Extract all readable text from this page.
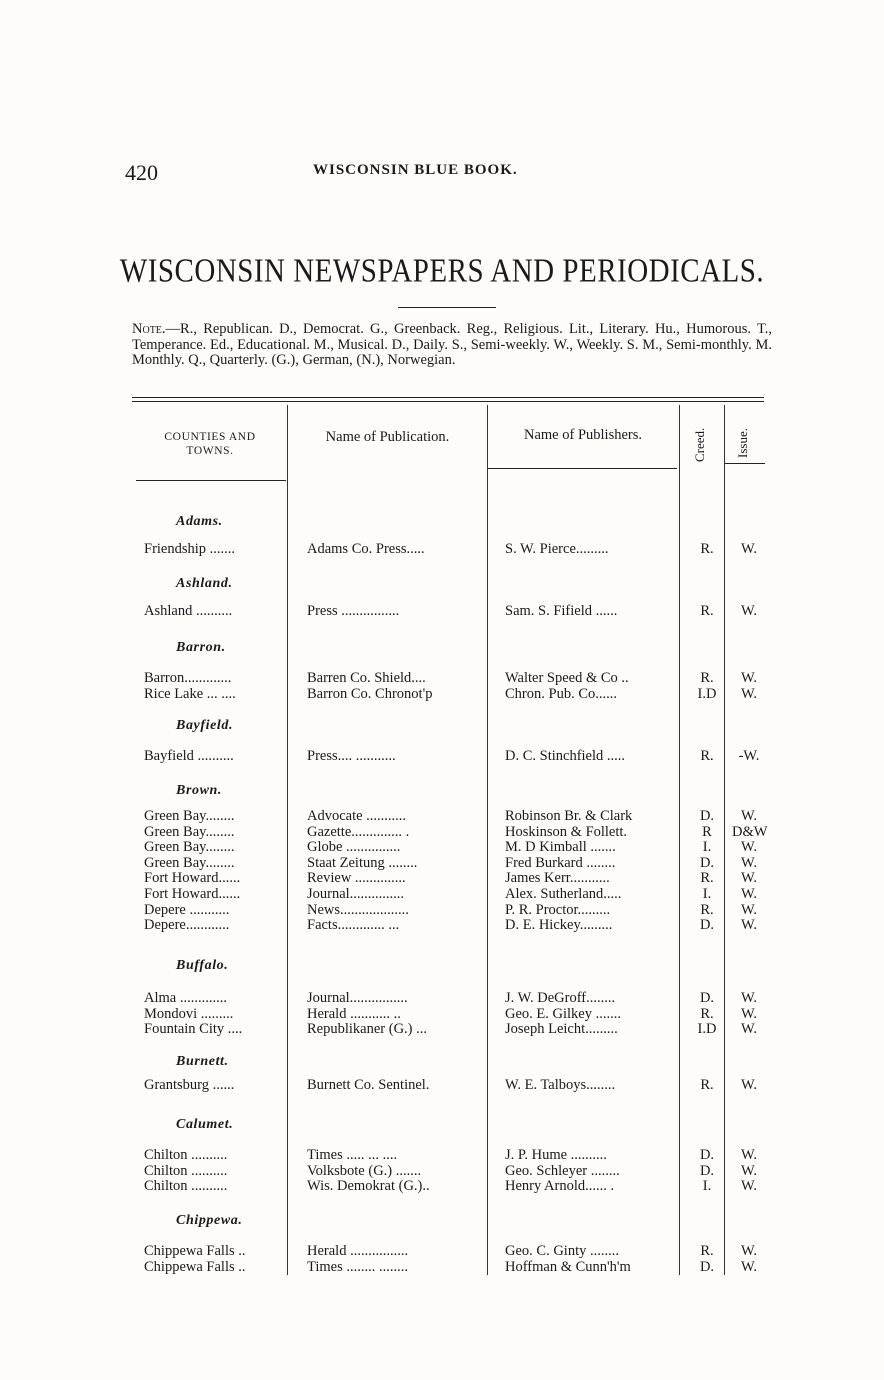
420	WISCONSIN BLUE BOOK.
WISCONSIN NEWSPAPERS AND PERIODICALS.
Note.—R., Republican. D., Democrat. G., Greenback. Reg., Religious. Lit., Literary. Hu., Humorous. T., Temperance. Ed., Educational. M., Musical. D., Daily. S., Semi-weekly. W., Weekly. S. M., Semi-monthly. M. Monthly. Q., Quarterly. (G.), German, (N.), Norwegian.
COUNTIES AND
TOWNS.
Name of Publication.	Name of Publishers.	Creed. Issue.
Adams.
Friendship .......	Adams Co. Press.....	S. W. Pierce.........	R.	W.
Ashland.
Ashland ..........	Press ................	Sam. S. Fifield ......	R.	W.
Barron.
Barron.............	Barren Co. Shield....	Walter Speed & Co ..	R.	W.
Rice Lake ... ....	Barron Co. Chronot'p	Chron. Pub. Co......	I.D	W.
Bayfield.
Bayfield ..........	Press.... ...........	D. C. Stinchfield .....	R.	-W.
Brown.
Green Bay........	Advocate ...........	Robinson Br. & Clark	D.	W.
Green Bay........	Gazette.............. .	Hoskinson & Follett.	R	D&W
Green Bay........	Globe ...............	M. D Kimball .......	I.	W.
Green Bay........	Staat Zeitung ........	Fred Burkard ........	D.	W.
Fort Howard......	Review ..............	James Kerr...........	R.	W.
Fort Howard......	Journal...............	Alex. Sutherland.....	I.	W.
Depere ...........	News...................	P. R. Proctor.........	R.	W.
Depere............	Facts............. ...	D. E. Hickey.........	D.	W.
Buffalo.
Alma .............	Journal................	J. W. DeGroff........	D.	W.
Mondovi .........	Herald ........... ..	Geo. E. Gilkey .......	R.	W.
Fountain City ....	Republikaner (G.) ...	Joseph Leicht.........	I.D	W.
Burnett.
Grantsburg ......	Burnett Co. Sentinel.	W. E. Talboys........	R.	W.
Calumet.
Chilton ..........	Times ..... ... ....	J. P. Hume ..........	D.	W.
Chilton ..........	Volksbote (G.) .......	Geo. Schleyer ........	D.	W.
Chilton ..........	Wis. Demokrat (G.)..	Henry Arnold...... .	I.	W.
Chippewa.
Chippewa Falls ..	Herald ................	Geo. C. Ginty ........	R.	W.
Chippewa Falls ..	Times ........ ........	Hoffman & Cunn'h'm	D.	W.
